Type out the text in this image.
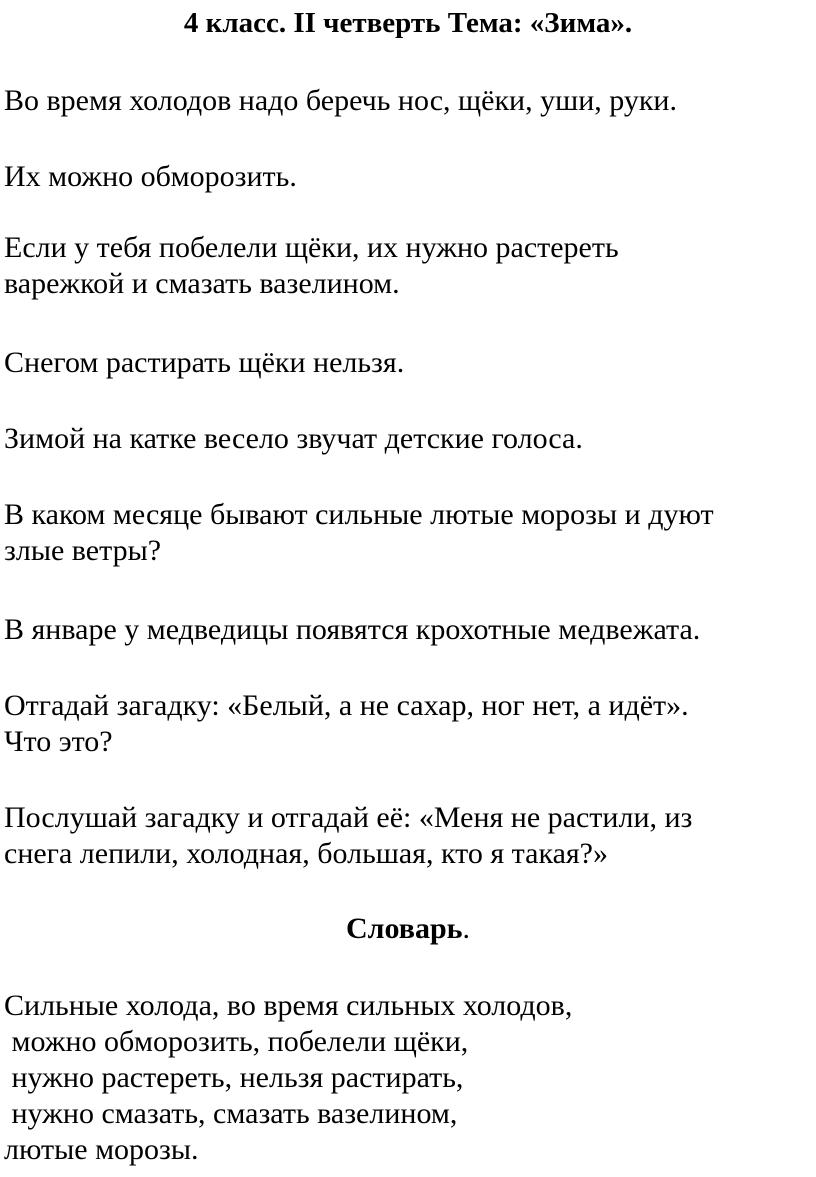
4 класс. II четверть Тема: «Зима».
Во время холодов надо беречь нос, щёки, уши, руки.
Их можно обморозить.
Если у тебя побелели щёки, их нужно растереть
варежкой и смазать вазелином.
Снегом растирать щёки нельзя.
Зимой на катке весело звучат детские голоса.
В каком месяце бывают сильные лютые морозы и дуют
злые ветры?
В январе у медведицы появятся крохотные медвежата.
Отгадай загадку: «Белый, а не сахар, ног нет, а идёт».
Что это?
Послушай загадку и отгадай её: «Меня не растили, из
снега лепили, холодная, большая, кто я такая?»
Словарь.
Сильные холода, во время сильных холодов,
можно обморозить, побелели щёки,
нужно растереть, нельзя растирать,
нужно смазать, смазать вазелином,
лютые морозы.
